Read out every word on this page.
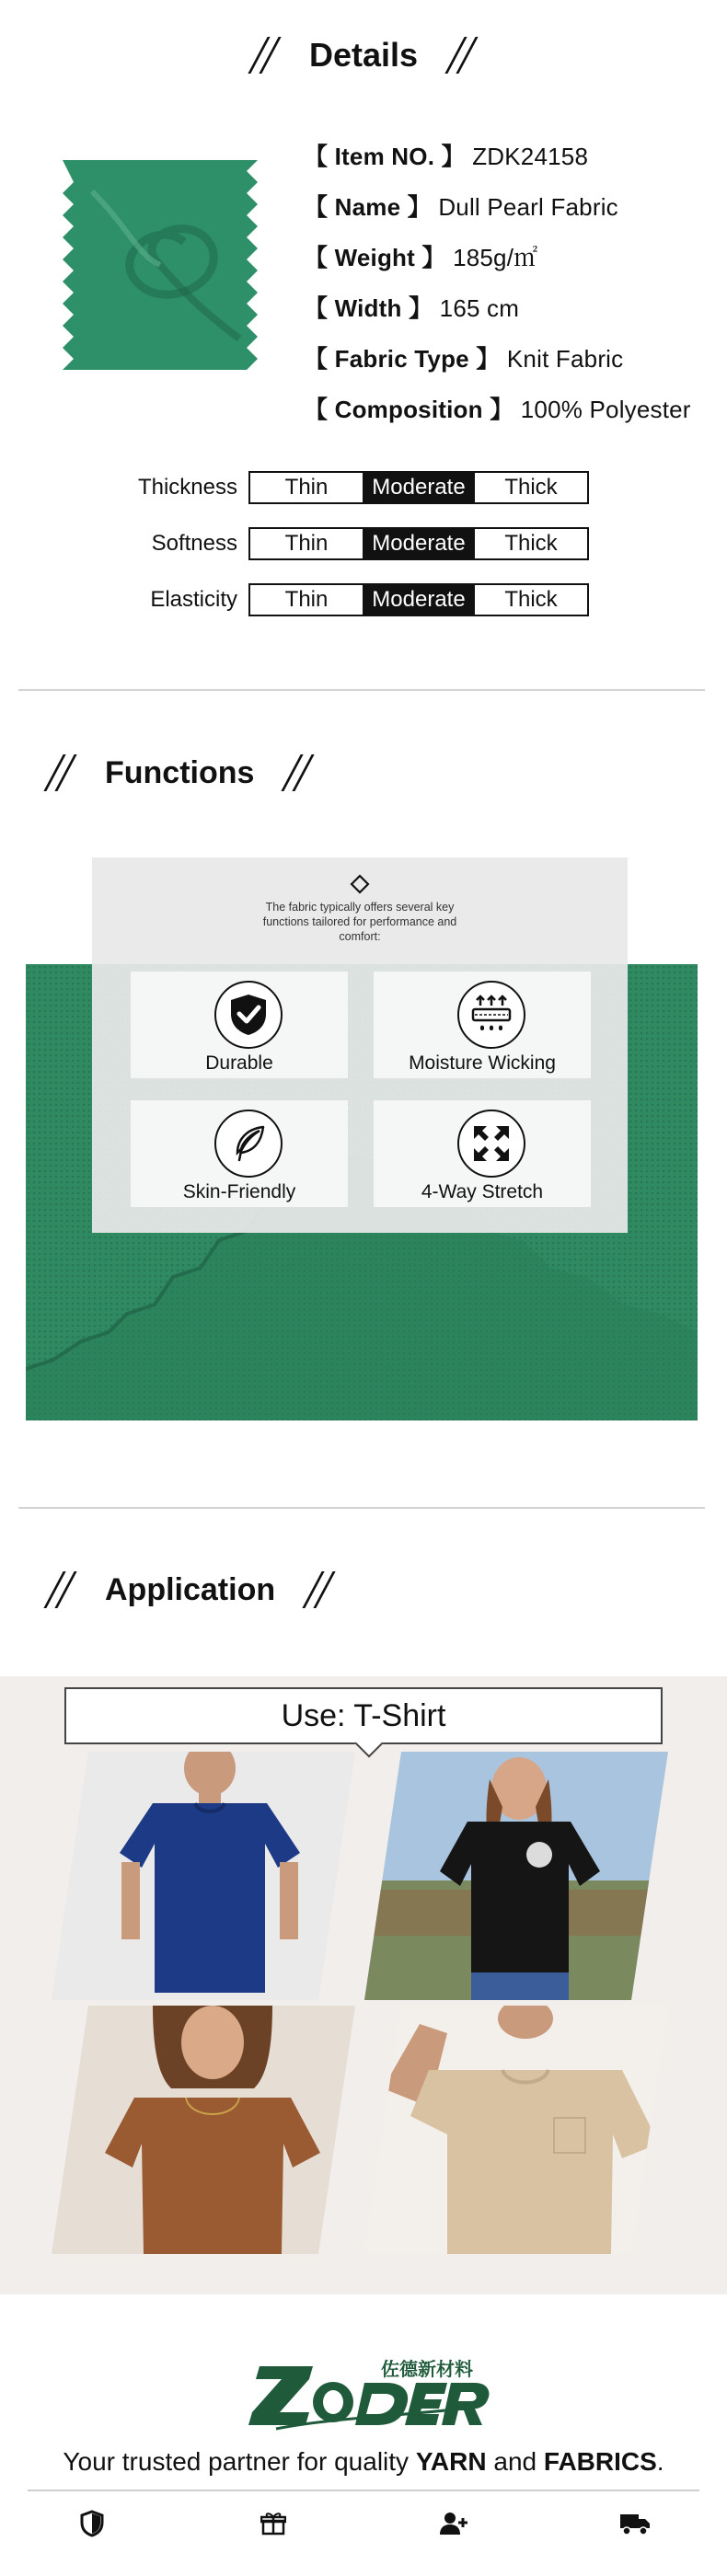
Details
【 Item NO. 】 ZDK24158
【 Name 】 Dull Pearl Fabric
【 Weight 】 185g/㎡
【 Width 】 165 cm
【 Fabric Type 】 Knit Fabric
【 Composition 】 100% Polyester
Thickness	Thin	Moderate	Thick
Softness	Thin	Moderate	Thick
Elasticity	Thin	Moderate	Thick
Functions
The fabric typically offers several key functions tailored for performance and comfort:
Durable	Moisture Wicking
Skin-Friendly	4-Way Stretch
Application
Use: T-Shirt
佐德新材料
Your trusted partner for quality YARN and FABRICS.
